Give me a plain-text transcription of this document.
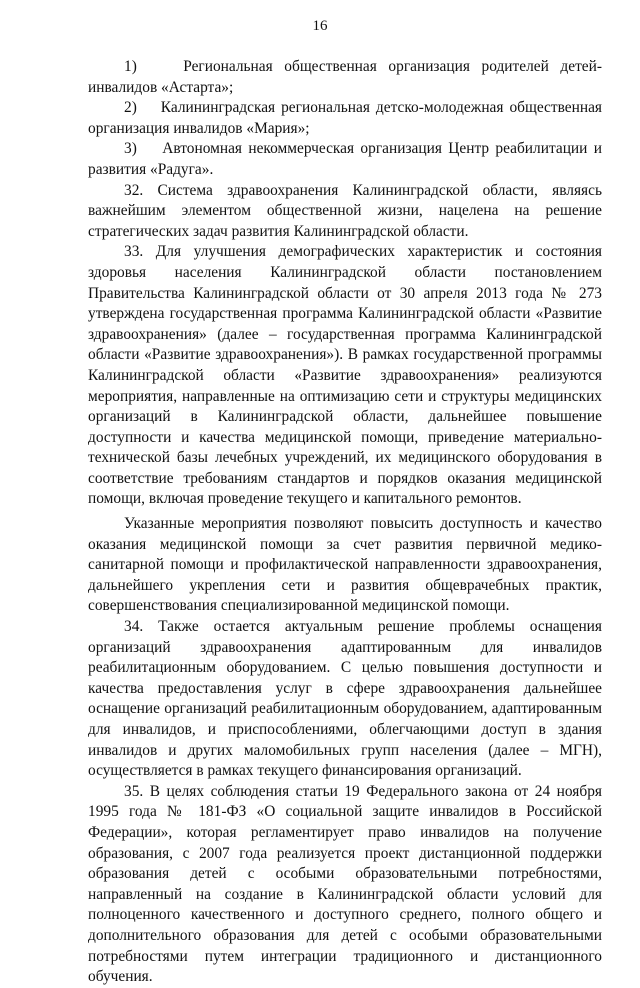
16

1)    Региональная общественная организация родителей детей-инвалидов «Астарта»;

2)    Калининградская региональная детско-молодежная общественная организация инвалидов «Мария»;

3)    Автономная некоммерческая организация Центр реабилитации и развития «Радуга».

32. Система здравоохранения Калининградской области, являясь важнейшим элементом общественной жизни, нацелена на решение стратегических задач развития Калининградской области.

33. Для улучшения демографических характеристик и состояния здоровья населения Калининградской области постановлением Правительства Калининградской области от 30 апреля 2013 года № 273 утверждена государственная программа Калининградской области «Развитие здравоохранения» (далее – государственная программа Калининградской области «Развитие здравоохранения»). В рамках государственной программы Калининградской области «Развитие здравоохранения» реализуются мероприятия, направленные на оптимизацию сети и структуры медицинских организаций в Калининградской области, дальнейшее повышение доступности и качества медицинской помощи, приведение материально-технической базы лечебных учреждений, их медицинского оборудования в соответствие требованиям стандартов и порядков оказания медицинской помощи, включая проведение текущего и капитального ремонтов.

Указанные мероприятия позволяют повысить доступность и качество оказания медицинской помощи за счет развития первичной медико-санитарной помощи и профилактической направленности здравоохранения, дальнейшего укрепления сети и развития общеврачебных практик, совершенствования специализированной медицинской помощи.

34. Также остается актуальным решение проблемы оснащения организаций здравоохранения адаптированным для инвалидов реабилитационным оборудованием. С целью повышения доступности и качества предоставления услуг в сфере здравоохранения дальнейшее оснащение организаций реабилитационным оборудованием, адаптированным для инвалидов, и приспособлениями, облегчающими доступ в здания инвалидов и других маломобильных групп населения (далее – МГН), осуществляется в рамках текущего финансирования организаций.

35. В целях соблюдения статьи 19 Федерального закона от 24 ноября 1995 года № 181-ФЗ «О социальной защите инвалидов в Российской Федерации», которая регламентирует право инвалидов на получение образования, с 2007 года реализуется проект дистанционной поддержки образования детей с особыми образовательными потребностями, направленный на создание в Калининградской области условий для полноценного качественного и доступного среднего, полного общего и дополнительного образования для детей с особыми образовательными потребностями путем интеграции традиционного и дистанционного обучения.
